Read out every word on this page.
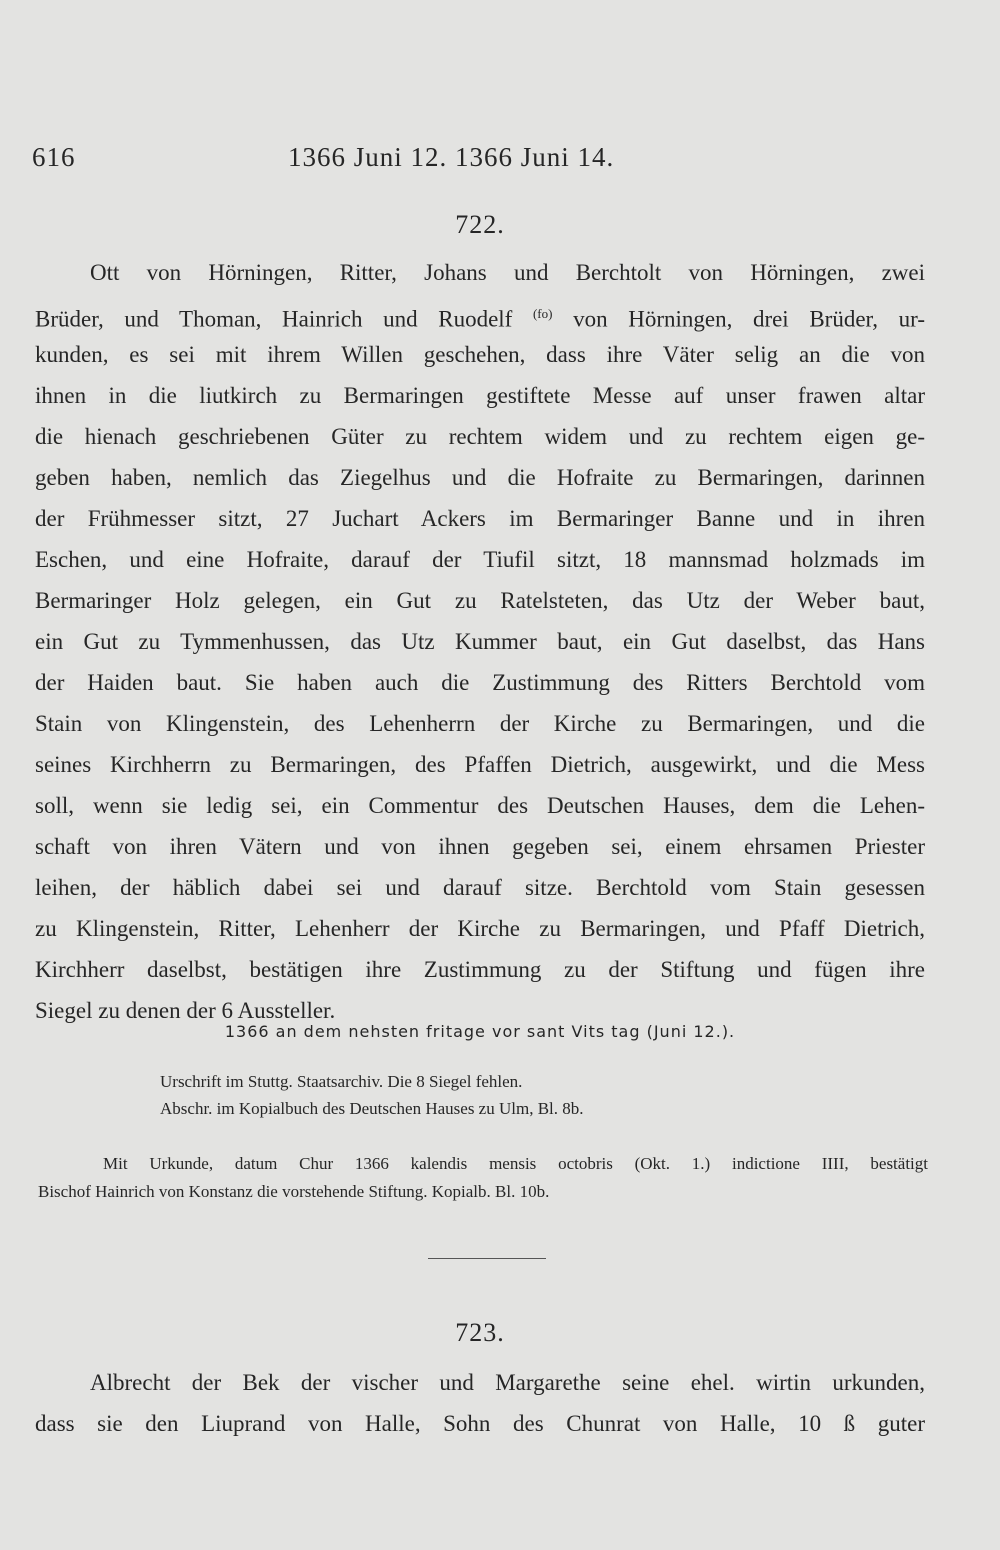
616	1366 Juni 12. 1366 Juni 14.
722.
Ott von Hörningen, Ritter, Johans und Berchtolt von Hörningen, zwei
Brüder, und Thoman, Hainrich und Ruodelf $^{(fo)}$ von Hörningen, drei Brüder, ur-
kunden, es sei mit ihrem Willen geschehen, dass ihre Väter selig an die von
ihnen in die liutkirch zu Bermaringen gestiftete Messe auf unser frawen altar
die hienach geschriebenen Güter zu rechtem widem und zu rechtem eigen ge-
geben haben, nemlich das Ziegelhus und die Hofraite zu Bermaringen, darinnen
der Frühmesser sitzt, 27 Juchart Ackers im Bermaringer Banne und in ihren
Eschen, und eine Hofraite, darauf der Tiufil sitzt, 18 mannsmad holzmads im
Bermaringer Holz gelegen, ein Gut zu Ratelsteten, das Utz der Weber baut,
ein Gut zu Tymmenhussen, das Utz Kummer baut, ein Gut daselbst, das Hans
der Haiden baut. Sie haben auch die Zustimmung des Ritters Berchtold vom
Stain von Klingenstein, des Lehenherrn der Kirche zu Bermaringen, und die
seines Kirchherrn zu Bermaringen, des Pfaffen Dietrich, ausgewirkt, und die Mess
soll, wenn sie ledig sei, ein Commentur des Deutschen Hauses, dem die Lehen-
schaft von ihren Vätern und von ihnen gegeben sei, einem ehrsamen Priester
leihen, der häblich dabei sei und darauf sitze. Berchtold vom Stain gesessen
zu Klingenstein, Ritter, Lehenherr der Kirche zu Bermaringen, und Pfaff Dietrich,
Kirchherr daselbst, bestätigen ihre Zustimmung zu der Stiftung und fügen ihre
Siegel zu denen der 6 Aussteller.
1366 an dem nehsten fritage vor sant Vits tag (Juni 12.).
Urschrift im Stuttg. Staatsarchiv. Die 8 Siegel fehlen.
Abschr. im Kopialbuch des Deutschen Hauses zu Ulm, Bl. 8b.
Mit Urkunde, datum Chur 1366 kalendis mensis octobris (Okt. 1.) indictione IIII, bestätigt
Bischof Hainrich von Konstanz die vorstehende Stiftung. Kopialb. Bl. 10b.
723.
Albrecht der Bek der vischer und Margarethe seine ehel. wirtin urkunden,
dass sie den Liuprand von Halle, Sohn des Chunrat von Halle, 10 ß guter
